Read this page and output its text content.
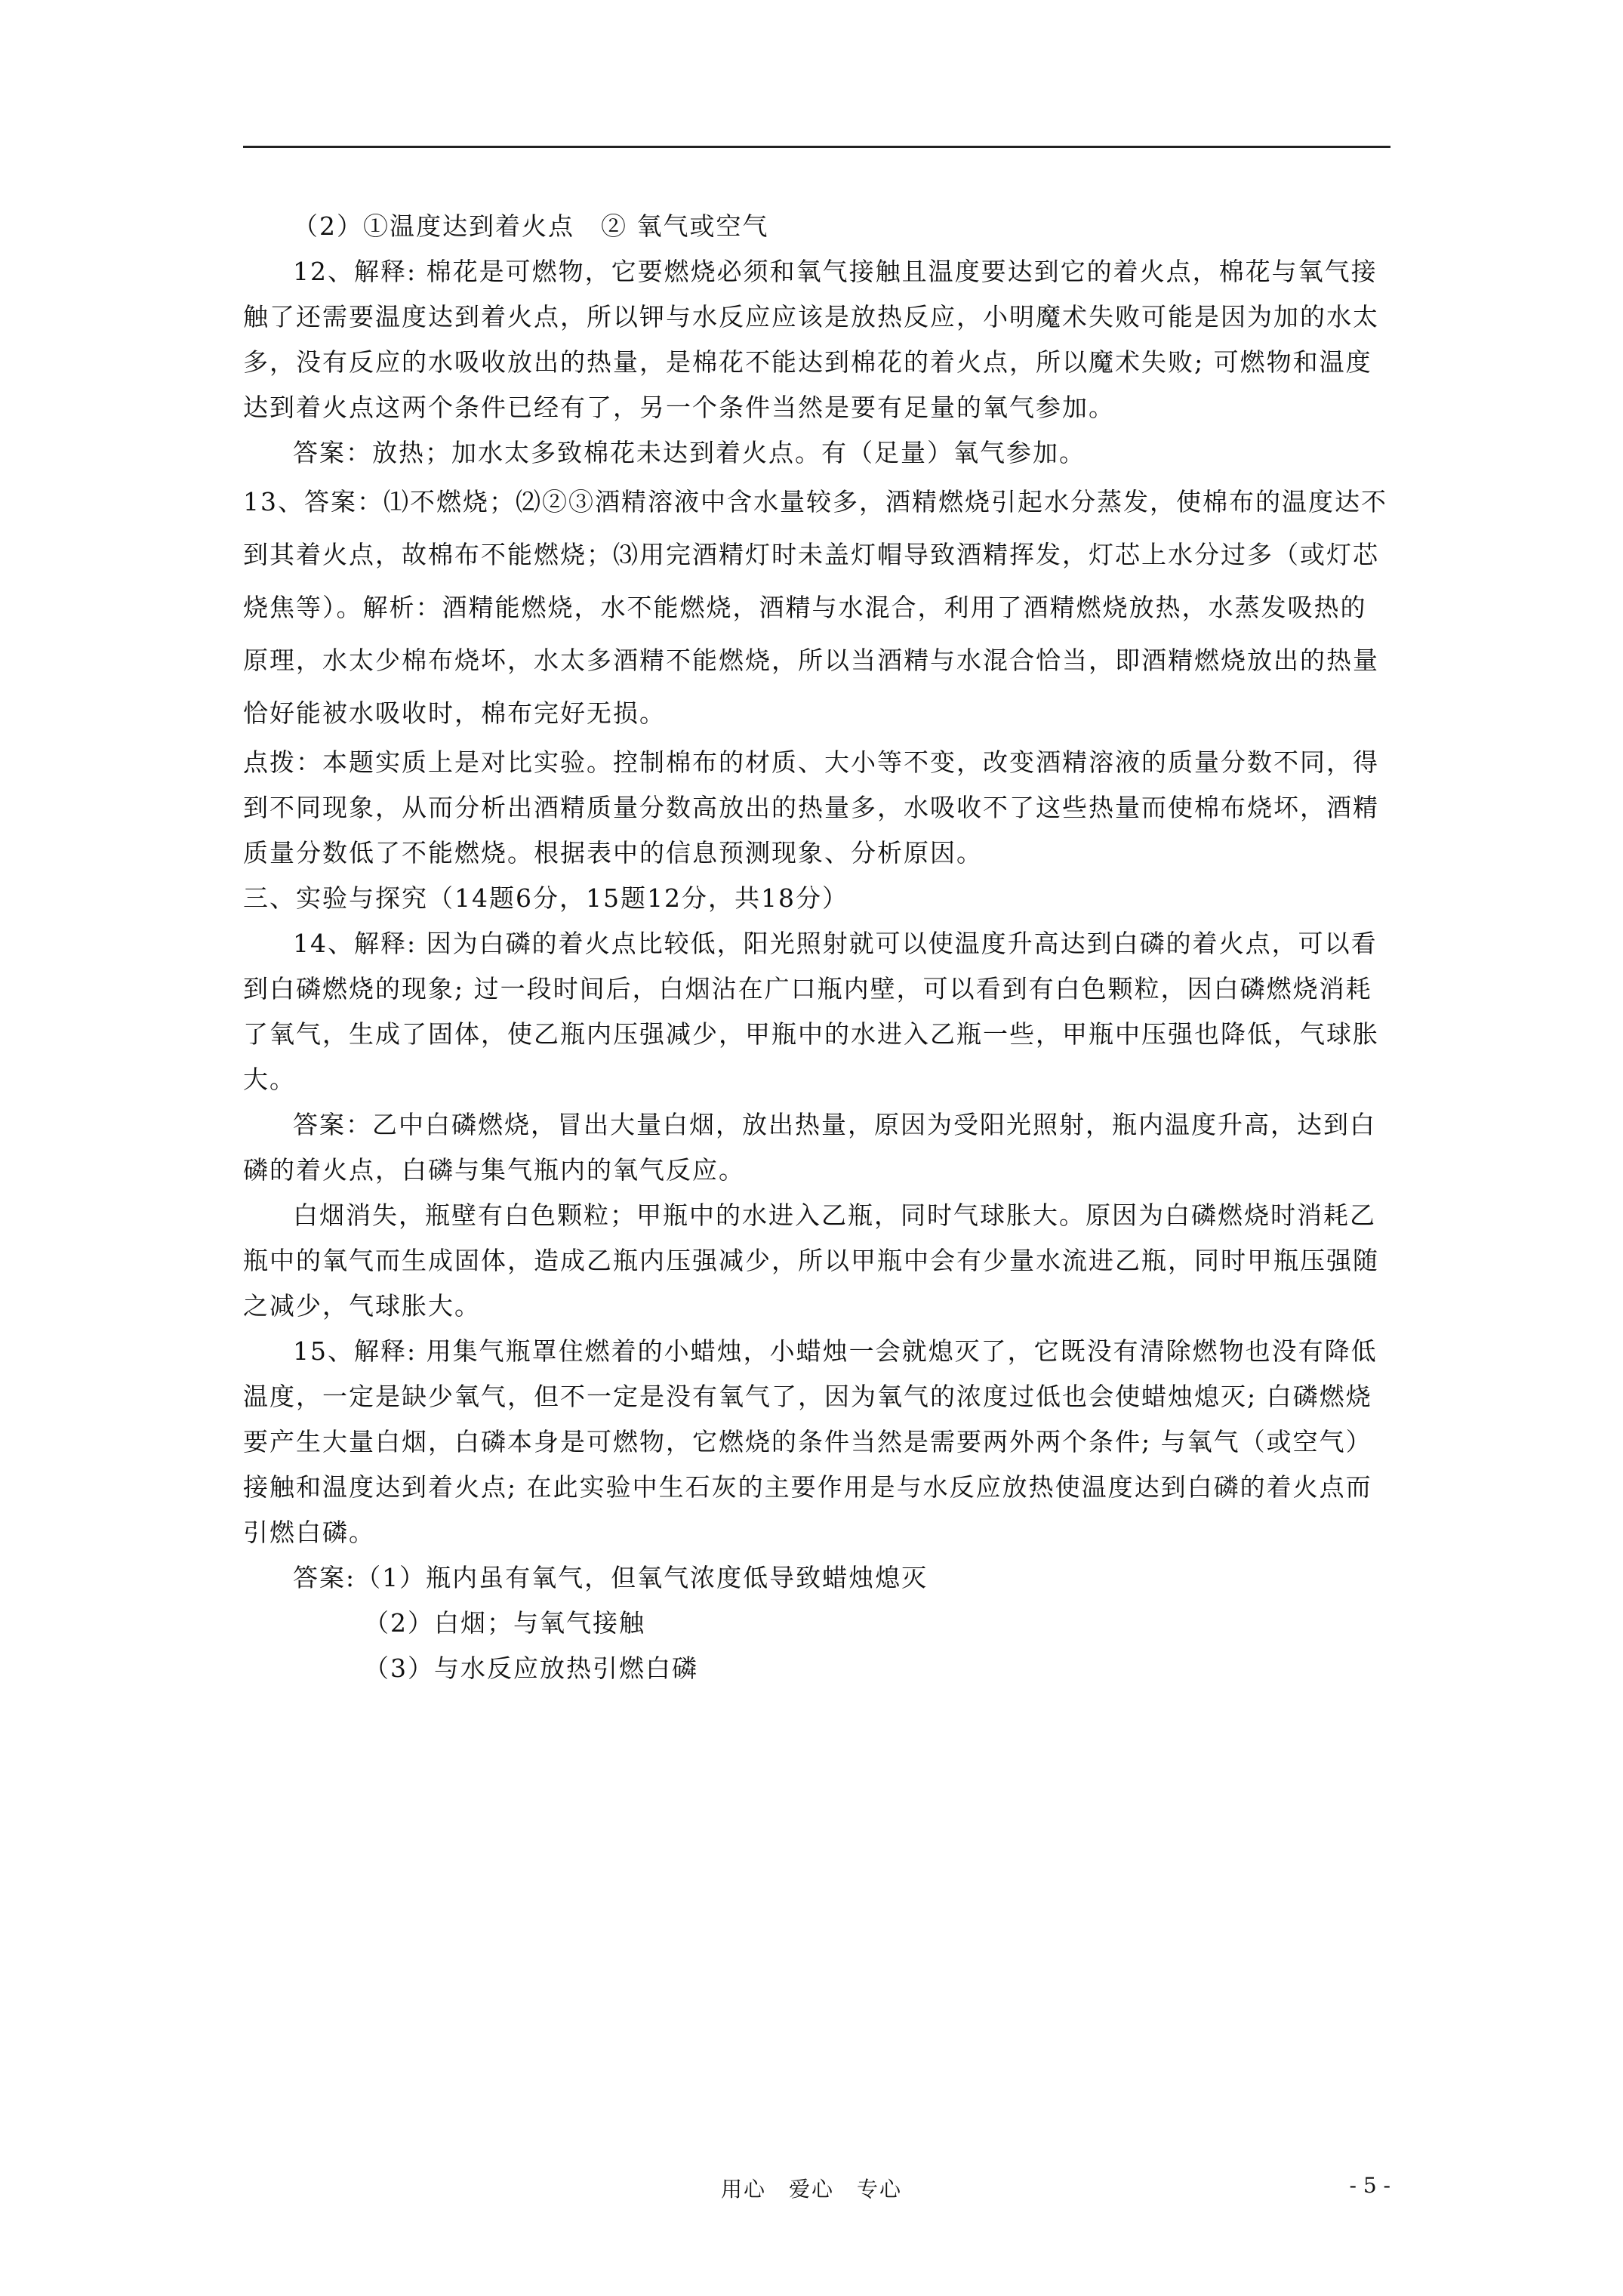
（2）①温度达到着火点　② 氧气或空气

12、解释: 棉花是可燃物，它要燃烧必须和氧气接触且温度要达到它的着火点，棉花与氧气接触了还需要温度达到着火点，所以钾与水反应应该是放热反应，小明魔术失败可能是因为加的水太多，没有反应的水吸收放出的热量，是棉花不能达到棉花的着火点，所以魔术失败; 可燃物和温度达到着火点这两个条件已经有了，另一个条件当然是要有足量的氧气参加。

答案：放热；加水太多致棉花未达到着火点。有（足量）氧气参加。

13、答案：⑴不燃烧；⑵②③酒精溶液中含水量较多，酒精燃烧引起水分蒸发，使棉布的温度达不到其着火点，故棉布不能燃烧；⑶用完酒精灯时未盖灯帽导致酒精挥发，灯芯上水分过多（或灯芯烧焦等）。解析：酒精能燃烧，水不能燃烧，酒精与水混合，利用了酒精燃烧放热，水蒸发吸热的原理，水太少棉布烧坏，水太多酒精不能燃烧，所以当酒精与水混合恰当，即酒精燃烧放出的热量恰好能被水吸收时，棉布完好无损。

点拨：本题实质上是对比实验。控制棉布的材质、大小等不变，改变酒精溶液的质量分数不同，得到不同现象，从而分析出酒精质量分数高放出的热量多，水吸收不了这些热量而使棉布烧坏，酒精质量分数低了不能燃烧。根据表中的信息预测现象、分析原因。

三、实验与探究（14题6分，15题12分，共18分）

14、解释: 因为白磷的着火点比较低，阳光照射就可以使温度升高达到白磷的着火点，可以看到白磷燃烧的现象; 过一段时间后，白烟沾在广口瓶内壁，可以看到有白色颗粒，因白磷燃烧消耗了氧气，生成了固体，使乙瓶内压强减少，甲瓶中的水进入乙瓶一些，甲瓶中压强也降低，气球胀大。

答案：乙中白磷燃烧，冒出大量白烟，放出热量，原因为受阳光照射，瓶内温度升高，达到白磷的着火点，白磷与集气瓶内的氧气反应。

白烟消失，瓶壁有白色颗粒；甲瓶中的水进入乙瓶，同时气球胀大。原因为白磷燃烧时消耗乙瓶中的氧气而生成固体，造成乙瓶内压强减少，所以甲瓶中会有少量水流进乙瓶，同时甲瓶压强随之减少，气球胀大。

15、解释: 用集气瓶罩住燃着的小蜡烛，小蜡烛一会就熄灭了，它既没有清除燃物也没有降低温度，一定是缺少氧气，但不一定是没有氧气了，因为氧气的浓度过低也会使蜡烛熄灭; 白磷燃烧要产生大量白烟，白磷本身是可燃物，它燃烧的条件当然是需要两外两个条件; 与氧气（或空气）接触和温度达到着火点; 在此实验中生石灰的主要作用是与水反应放热使温度达到白磷的着火点而引燃白磷。

答案:（1）瓶内虽有氧气，但氧气浓度低导致蜡烛熄灭

（2）白烟；与氧气接触

（3）与水反应放热引燃白磷

用心　爱心　专心	- 5 -
